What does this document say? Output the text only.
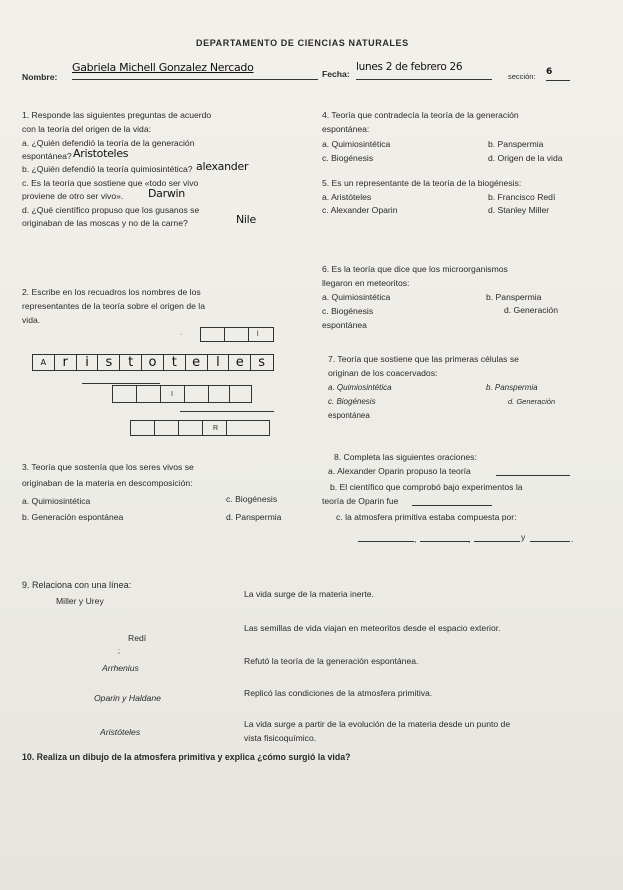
DEPARTAMENTO DE CIENCIAS NATURALES
Nombre:
Gabriela Michell Gonzalez Nercado	Fecha:
lunes 2 de febrero 26
sección: 6
1. Responde las siguientes preguntas de acuerdo
con la teoría del origen de la vida:
a. ¿Quién defendió la teoría de la generación
espontánea? Aristoteles
b. ¿Quién defendió la teoría quimiosintética? alexander
c. Es la teoría que sostiene que «todo ser vivo
proviene de otro ser vivo». Darwin
d. ¿Qué científico propuso que los gusanos se
originaban de las moscas y no de la carne?	Nile
2. Escribe en los recuadros los nombres de los
representantes de la teoría sobre el origen de la
vida.
l
·
A	r	i	s	t	o	t	e	l	e	s
I
R
3. Teoría que sostenía que los seres vivos se
originaban de la materia en descomposición:
a. Quimiosintética	c. Biogénesis
b. Generación espontánea	d. Panspermia
4. Teoría que contradecía la teoría de la generación
espontánea:
a. Quimiosintética	b. Panspermia
c. Biogénesis	d. Origen de la vida
5. Es un representante de la teoría de la biogénesis:
a. Aristóteles	b. Francisco Redí
c. Alexander Oparin	d. Stanley Miller
6. Es la teoría que dice que los microorganismos
llegaron en meteoritos:
a. Quimiosintética	b. Panspermia
c. Biogénesis	d. Generación
espontánea
7. Teoría que sostiene que las primeras células se
originan de los coacervados:
a. Quimiosintética	b. Panspermia
c. Biogénesis	d. Generación
espontánea
8. Completa las siguientes oraciones:
a. Alexander Oparin propuso la teoría
b. El científico que comprobó bajo experimentos la
teoría de Oparin fue
c. la atmosfera primitiva estaba compuesta por:
,	,	y	.
9. Relaciona con una línea:
Miller y Urey
Redí
;
Arrhenius
Oparin y Haldane
Aristóteles
La vida surge de la materia inerte.
Las semillas de vida viajan en meteoritos desde el espacio exterior.
Refutó la teoría de la generación espontánea.
Replicó las condiciones de la atmosfera primitiva.
La vida surge a partir de la evolución de la materia desde un punto de
vista fisicoquímico.
10. Realiza un dibujo de la atmosfera primitiva y explica ¿cómo surgió la vida?
